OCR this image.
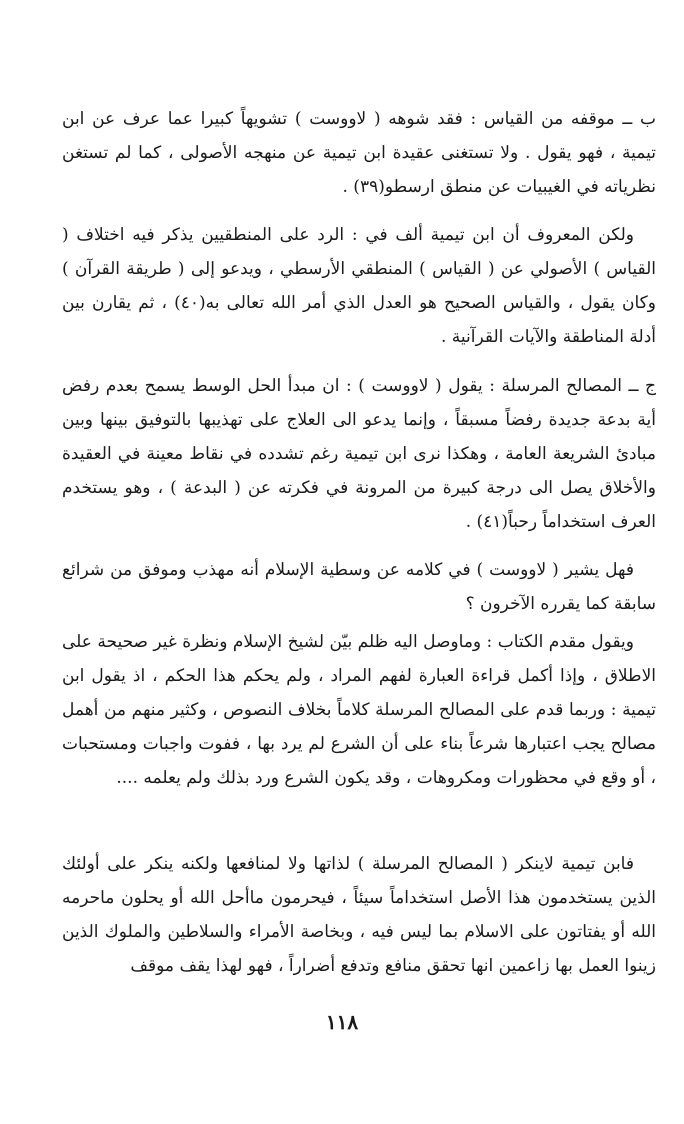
ب ــ موقفه من القياس : فقد شوهه ( لاووست ) تشويهاً كبيرا عما عرف عن ابن تيمية ، فهو يقول . ولا تستغنى عقيدة ابن تيمية عن منهجه الأصولى ، كما لم تستغن نظرياته في الغيبيات عن منطق ارسطو(٣٩) .

ولكن المعروف أن ابن تيمية ألف في : الرد على المنطقيين يذكر فيه اختلاف ( القياس ) الأصولي عن ( القياس ) المنطقي الأرسطي ، ويدعو إلى ( طريقة القرآن ) وكان يقول ، والقياس الصحيح هو العدل الذي أمر الله تعالى به(٤٠) ، ثم يقارن بين أدلة المناطقة والآيات القرآنية .

ج ــ المصالح المرسلة : يقول ( لاووست ) : ان مبدأ الحل الوسط يسمح بعدم رفض أية بدعة جديدة رفضاً مسبقاً ، وإنما يدعو الى العلاج على تهذيبها بالتوفيق بينها وبين مبادئ الشريعة العامة ، وهكذا نرى ابن تيمية رغم تشدده في نقاط معينة في العقيدة والأخلاق يصل الى درجة كبيرة من المرونة في فكرته عن ( البدعة ) ، وهو يستخدم العرف استخداماً رحباً(٤١) .

فهل يشير ( لاووست ) في كلامه عن وسطية الإسلام أنه مهذب وموفق من شرائع سابقة كما يقرره الآخرون ؟

ويقول مقدم الكتاب : وماوصل اليه ظلم بيّن لشيخ الإسلام ونظرة غير صحيحة على الاطلاق ، وإذا أكمل قراءة العبارة لفهم المراد ، ولم يحكم هذا الحكم ، اذ يقول ابن تيمية : وربما قدم على المصالح المرسلة كلاماً بخلاف النصوص ، وكثير منهم من أهمل مصالح يجب اعتبارها شرعاً بناء على أن الشرع لم يرد بها ، ففوت واجبات ومستحبات ، أو وقع في محظورات ومكروهات ، وقد يكون الشرع ورد بذلك ولم يعلمه ....

فابن تيمية لاينكر ( المصالح المرسلة ) لذاتها ولا لمنافعها ولكنه ينكر على أولئك الذين يستخدمون هذا الأصل استخداماً سيئاً ، فيحرمون ماأحل الله أو يحلون ماحرمه الله أو يفتاتون على الاسلام بما ليس فيه ، وبخاصة الأمراء والسلاطين والملوك الذين زينوا العمل بها زاعمين انها تحقق منافع وتدفع أضراراً ، فهو لهذا يقف موقف

١١٨
